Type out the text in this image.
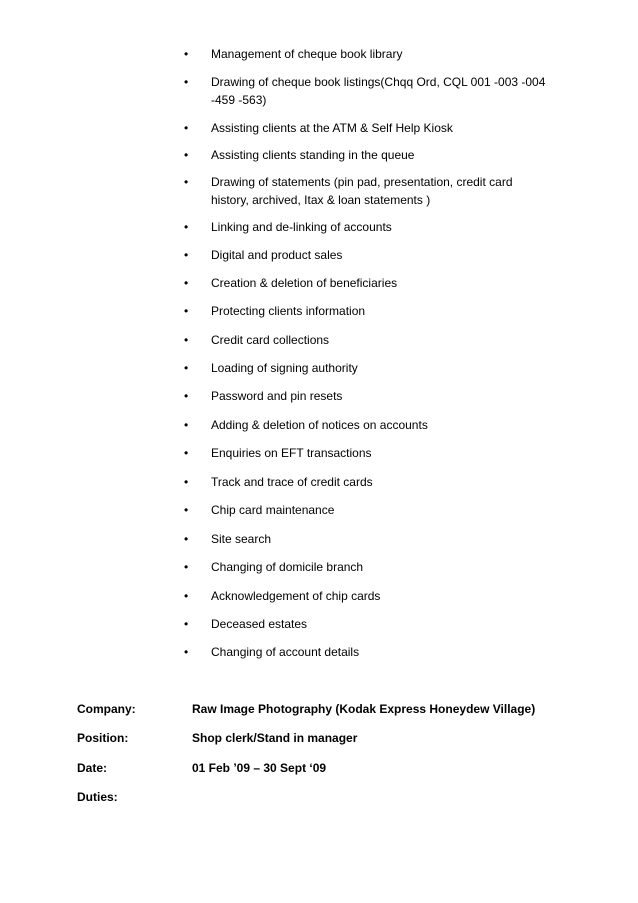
• Management of cheque book library
• Drawing of cheque book listings(Chqq Ord, CQL 001 -003 -004 -459 -563)
• Assisting clients at the ATM & Self Help Kiosk
• Assisting clients standing in the queue
• Drawing of statements (pin pad, presentation, credit card history, archived, Itax & loan statements )
• Linking and de-linking of accounts
• Digital and product sales
• Creation & deletion of beneficiaries
• Protecting clients information
• Credit card collections
• Loading of signing authority
• Password and pin resets
• Adding & deletion of notices on accounts
• Enquiries on EFT transactions
• Track and trace of credit cards
• Chip card maintenance
• Site search
• Changing of domicile branch
• Acknowledgement of chip cards
• Deceased estates
• Changing of account details
Company:	Raw Image Photography (Kodak Express Honeydew Village)
Position:	Shop clerk/Stand in manager
Date:	01 Feb ’09 – 30 Sept ‘09
Duties:
